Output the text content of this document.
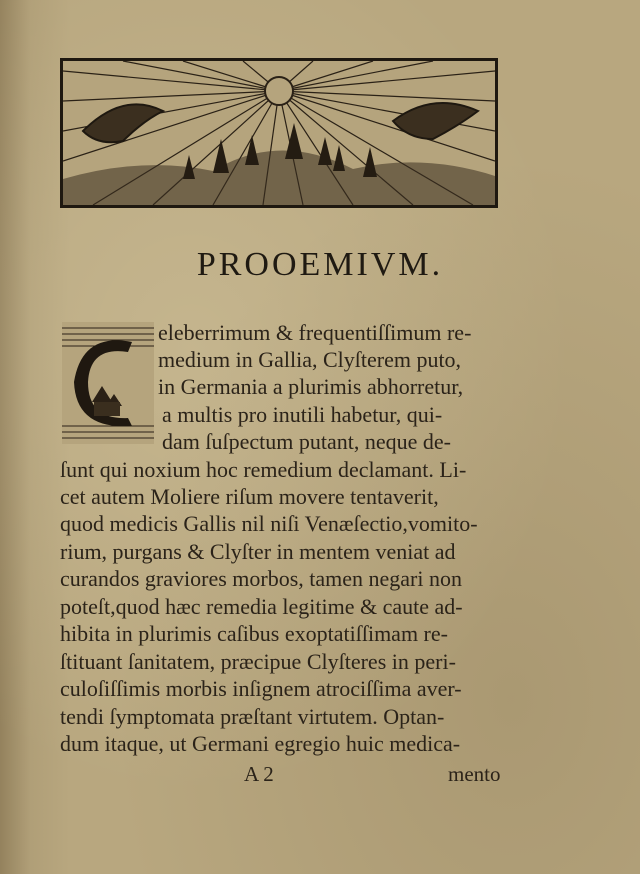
PROOEMIVM.
eleberrimum & frequentiſſimum re-
medium in Gallia, Clyſterem puto,
in Germania a plurimis abhorretur,
a multis pro inutili habetur, qui-
dam ſuſpectum putant, neque de-
ſunt qui noxium hoc remedium declamant. Li-
cet autem Moliere riſum movere tentaverit,
quod medicis Gallis nil niſi Venæſectio,vomito-
rium, purgans & Clyſter in mentem veniat ad
curandos graviores morbos, tamen negari non
poteſt,quod hæc remedia legitime & caute ad-
hibita in plurimis caſibus exoptatiſſimam re-
ſtituant ſanitatem, præcipue Clyſteres in peri-
culoſiſſimis morbis inſignem atrociſſima aver-
tendi ſymptomata præſtant virtutem. Optan-
dum itaque, ut Germani egregio huic medica-
A 2	mento
